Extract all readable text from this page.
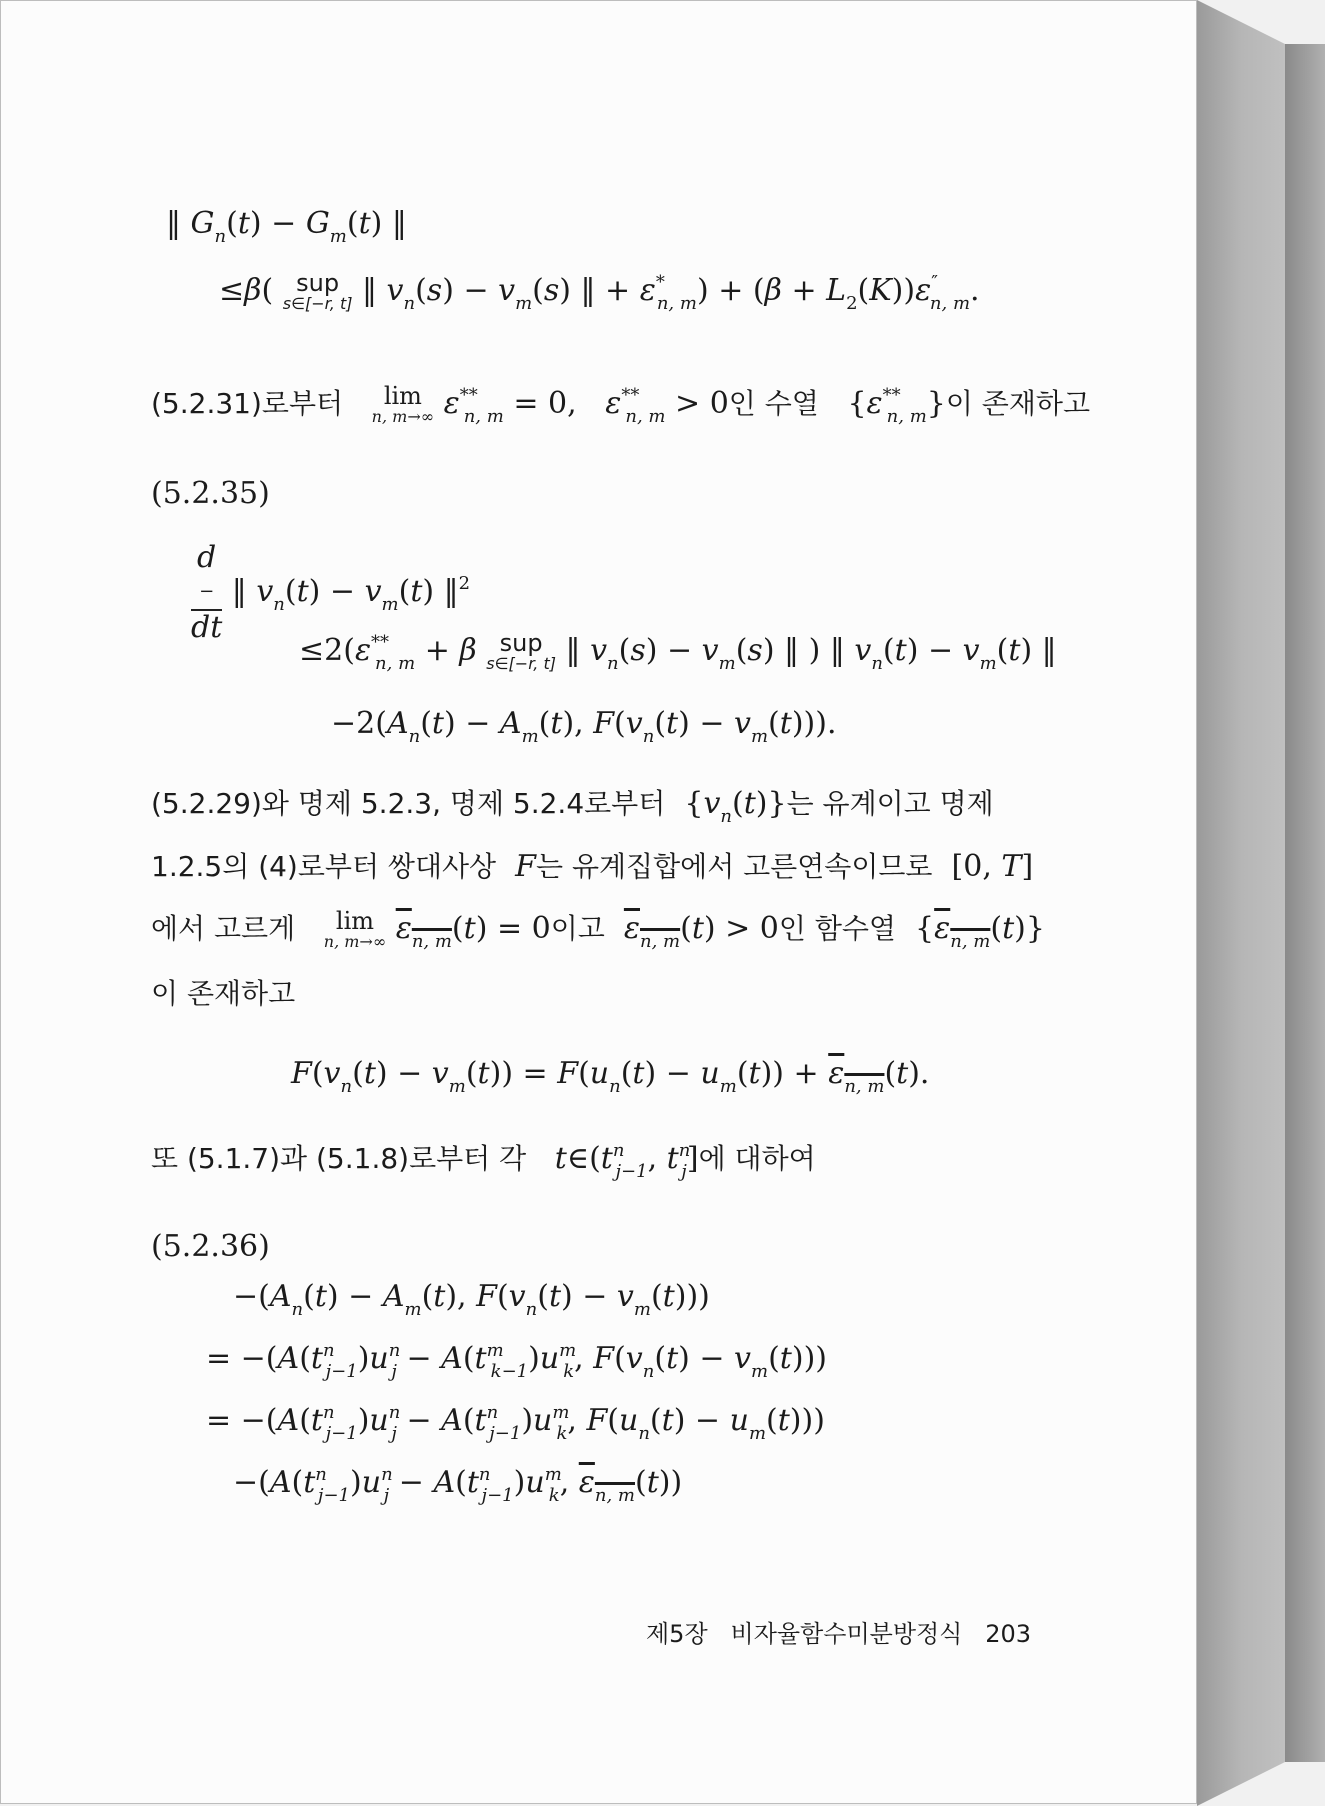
‖ $G_n(t) - G_m(t)$ ‖
≤β( sup
s∈[−r, t] ‖ $v_n(s) - v_m(s)$ ‖ + $\varepsilon^*_{n, m}) + (\beta + L_2(K))\varepsilon''_{n, m}$.
(5.2.31)로부터 lim
n, m→∞ $\varepsilon^{**}_{n, m} = 0$,   $\varepsilon^{**}_{n, m} > 0$인 수열   $\{\varepsilon^{**}_{n, m}\}$이 존재하고
(5.2.35)
d
−
dt ‖ $v_n(t) - v_m(t)$ ‖$^2$
$\le 2(\varepsilon^{**}_{n, m} + \beta$ sup
s∈[−r, t] ‖ $v_n(s) - v_m(s)$ ‖ ) ‖ $v_n(t) - v_m(t)$ ‖
$-2(A_n(t) - A_m(t)$, $F(v_n(t) - v_m(t))$).
(5.2.29)와 명제 5.2.3, 명제 5.2.4로부터  $\{v_n(t)\}$는 유계이고 명제
1.2.5의 (4)로부터 쌍대사상 F는 유계집합에서 고른연속이므로  [0, T]
에서 고르게 lim
n, m→∞ $\varepsilon_{n, m}(t) = 0$이고 $\varepsilon_{n, m}(t) > 0$인 함수열  $\{\varepsilon_{n, m}(t)\}$
이 존재하고
$F(v_n(t) - v_m(t)) = F(u_n(t) - u_m(t)) + \varepsilon_{n, m}(t)$.
또 (5.1.7)과 (5.1.8)로부터 각 $t\in(t^n_{j-1}$, $t^n_j$]에 대하여
(5.2.36)
$-(A_n(t) - A_m(t)$, $F(v_n(t) - v_m(t))$)
= $-(A(t^n_{j-1})u^n_j - A(t^m_{k-1})u^m_k$, $F(v_n(t) - v_m(t))$)
= $-(A(t^n_{j-1})u^n_j - A(t^n_{j-1})u^m_k$, $F(u_n(t) - u_m(t))$)
$-(A(t^n_{j-1})u^n_j - A(t^n_{j-1})u^m_k$, $\varepsilon_{n, m}(t)$)
제5장 비자율함수미분방정식 203
